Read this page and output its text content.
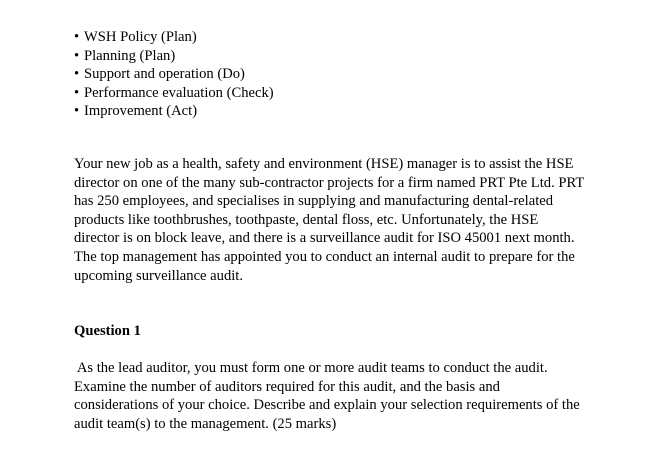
• WSH Policy (Plan)
• Planning (Plan)
• Support and operation (Do)
• Performance evaluation (Check)
• Improvement (Act)

Your new job as a health, safety and environment (HSE) manager is to assist the HSE
director on one of the many sub-contractor projects for a firm named PRT Pte Ltd. PRT
has 250 employees, and specialises in supplying and manufacturing dental-related
products like toothbrushes, toothpaste, dental floss, etc. Unfortunately, the HSE
director is on block leave, and there is a surveillance audit for ISO 45001 next month.
The top management has appointed you to conduct an internal audit to prepare for the
upcoming surveillance audit.

Question 1

As the lead auditor, you must form one or more audit teams to conduct the audit.
Examine the number of auditors required for this audit, and the basis and
considerations of your choice. Describe and explain your selection requirements of the
audit team(s) to the management. (25 marks)
